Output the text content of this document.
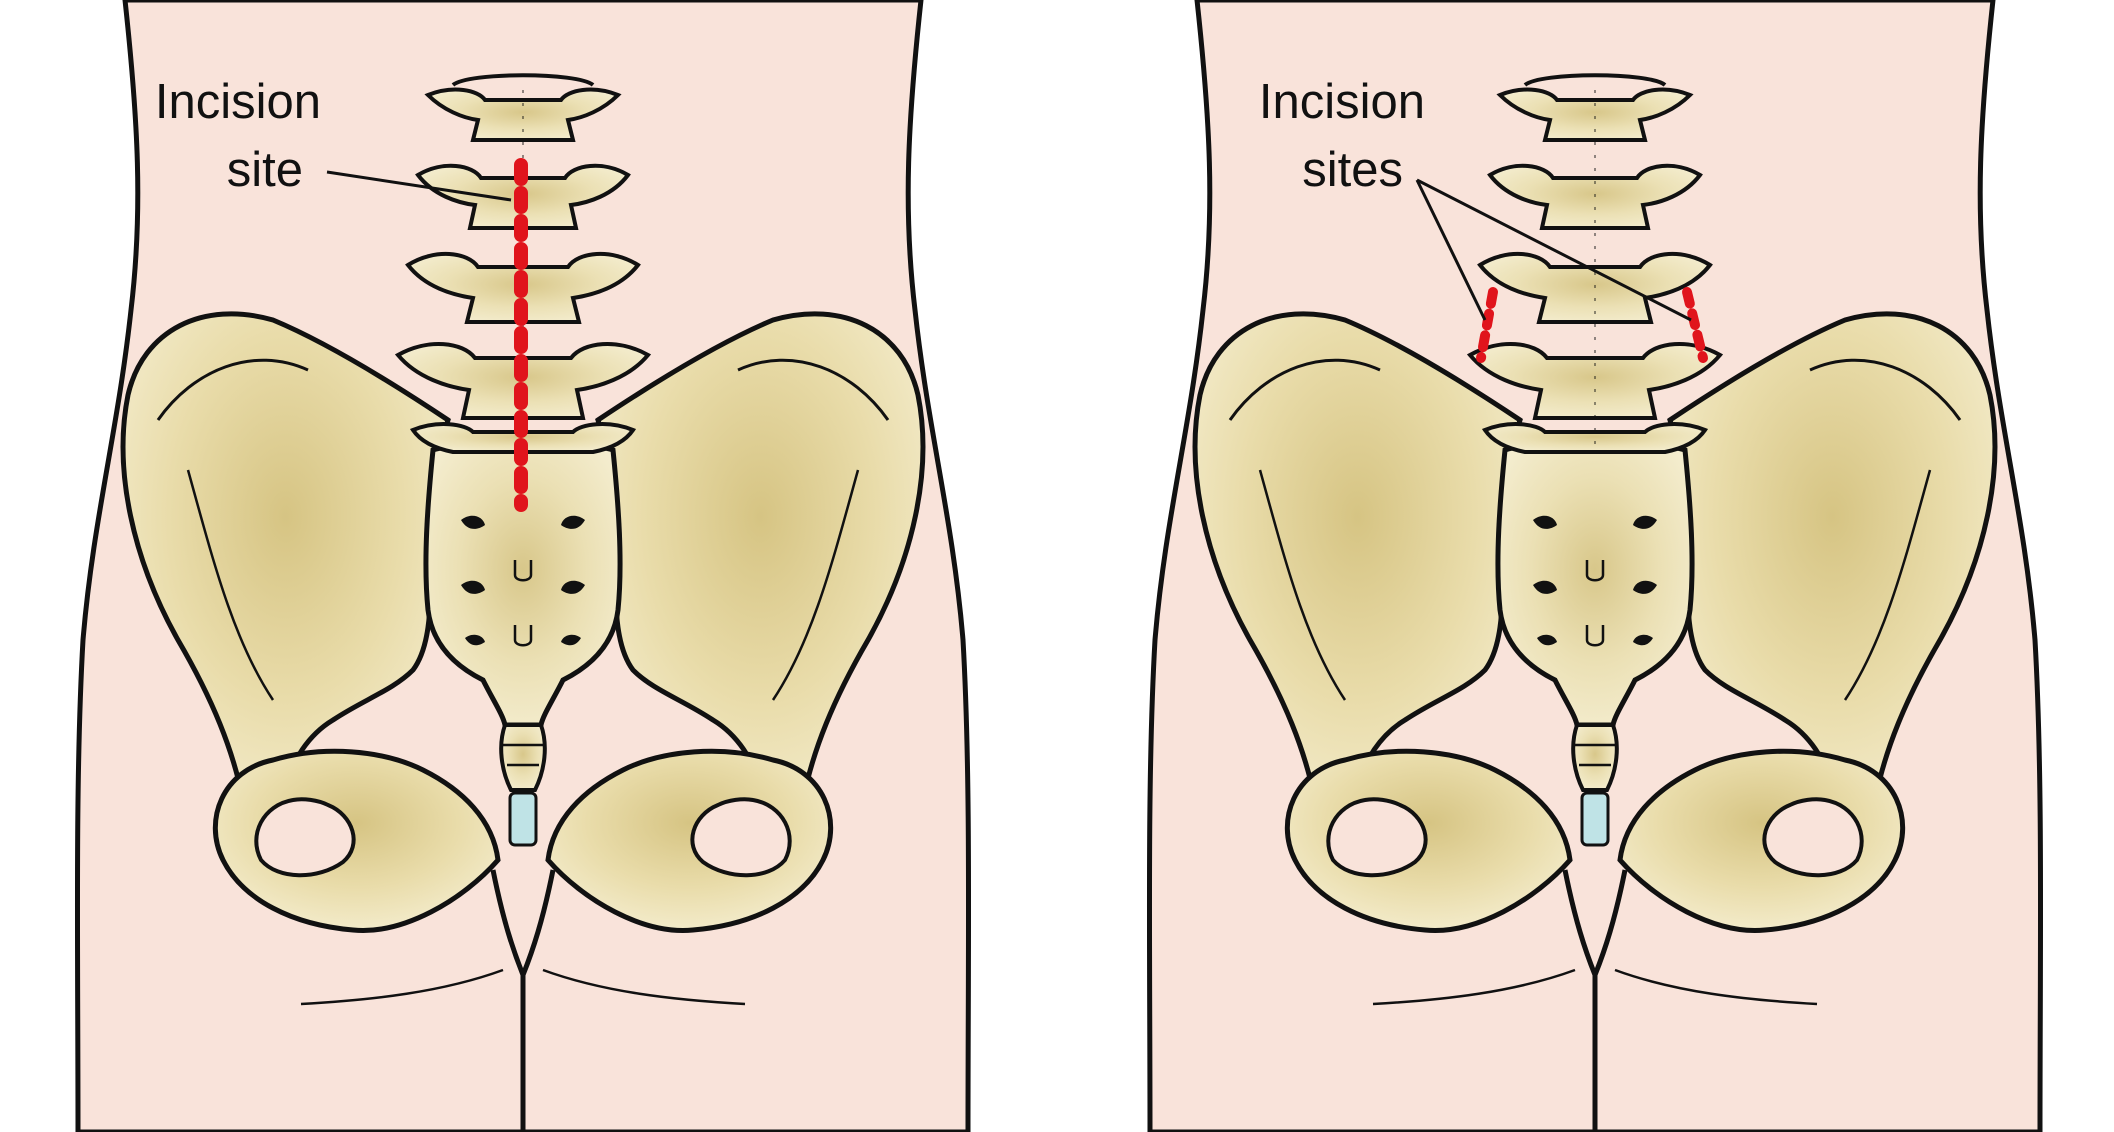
Incision
site
Incision
sites
